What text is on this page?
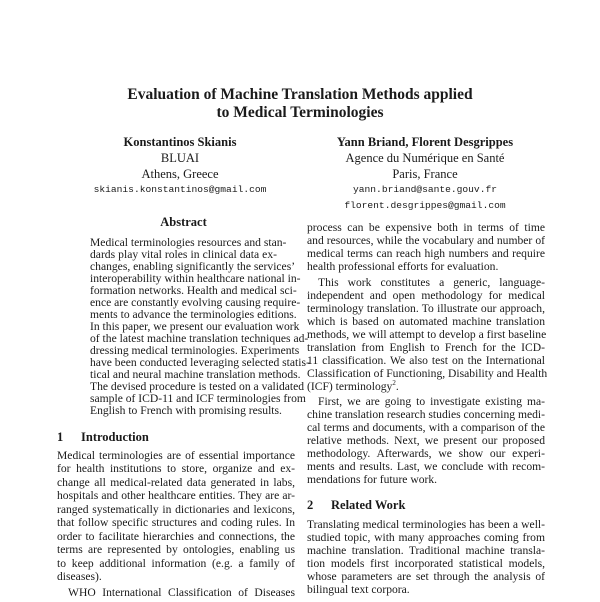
Evaluation of Machine Translation Methods applied
to Medical Terminologies
Konstantinos Skianis
BLUAI
Athens, Greece
skianis.konstantinos@gmail.com
Yann Briand, Florent Desgrippes
Agence du Numérique en Santé
Paris, France
yann.briand@sante.gouv.fr
florent.desgrippes@gmail.com
Abstract
Medical terminologies resources and stan-
dards play vital roles in clinical data ex-
changes, enabling significantly the services’
interoperability within healthcare national in-
formation networks. Health and medical sci-
ence are constantly evolving causing require-
ments to advance the terminologies editions.
In this paper, we present our evaluation work
of the latest machine translation techniques ad-
dressing medical terminologies. Experiments
have been conducted leveraging selected statis-
tical and neural machine translation methods.
The devised procedure is tested on a validated
sample of ICD-11 and ICF terminologies from
English to French with promising results.
1 Introduction
Medical terminologies are of essential importance
for health institutions to store, organize and ex-
change all medical-related data generated in labs,
hospitals and other healthcare entities. They are ar-
ranged systematically in dictionaries and lexicons,
that follow specific structures and coding rules. In
order to facilitate hierarchies and connections, the
terms are represented by ontologies, enabling us
to keep additional information (e.g. a family of
diseases).
WHO International Classification of Diseases
process can be expensive both in terms of time
and resources, while the vocabulary and number of
medical terms can reach high numbers and require
health professional efforts for evaluation.
This work constitutes a generic, language-
independent and open methodology for medical
terminology translation. To illustrate our approach,
which is based on automated machine translation
methods, we will attempt to develop a first baseline
translation from English to French for the ICD-
11 classification. We also test on the International
Classification of Functioning, Disability and Health
(ICF) terminology$^2$.
First, we are going to investigate existing ma-
chine translation research studies concerning medi-
cal terms and documents, with a comparison of the
relative methods. Next, we present our proposed
methodology. Afterwards, we show our experi-
ments and results. Last, we conclude with recom-
mendations for future work.
2 Related Work
Translating medical terminologies has been a well-
studied topic, with many approaches coming from
machine translation. Traditional machine transla-
tion models first incorporated statistical models,
whose parameters are set through the analysis of
bilingual text corpora.
